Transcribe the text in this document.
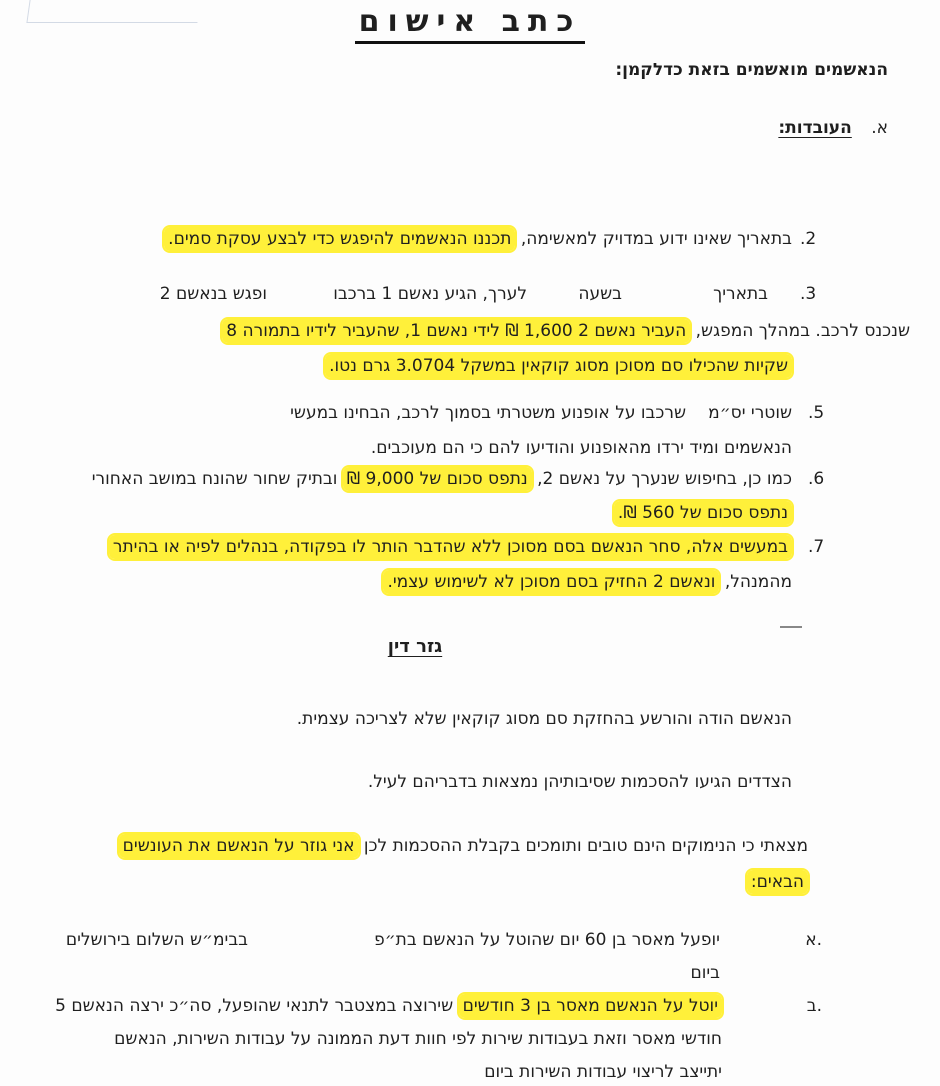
כתב אישום
הנאשמים מואשמים בזאת כדלקמן:
א. העובדות:
.2
בתאריך שאינו ידוע במדויק למאשימה, תכננו הנאשמים להיפגש כדי לבצע עסקת סמים.
.3
בתאריך
בשעה
לערך, הגיע נאשם 1 ברכבו
ופגש בנאשם 2
שנכנס לרכב. במהלך המפגש, העביר נאשם 2 1,600 ₪ לידי נאשם 1, שהעביר לידיו בתמורה 8
שקיות שהכילו סם מסוכן מסוג קוקאין במשקל 3.0704 גרם נטו.
.5
שוטרי יס״מ
שרכבו על אופנוע משטרתי בסמוך לרכב, הבחינו במעשי
הנאשמים ומיד ירדו מהאופנוע והודיעו להם כי הם מעוכבים.
.6
כמו כן, בחיפוש שנערך על נאשם 2, נתפס סכום של 9,000 ₪ ובתיק שחור שהונח במושב האחורי
נתפס סכום של 560 ₪.
.7
במעשים אלה, סחר הנאשם בסם מסוכן ללא שהדבר הותר לו בפקודה, בנהלים לפיה או בהיתר
מהמנהל, ונאשם 2 החזיק בסם מסוכן לא לשימוש עצמי.
גזר דין
הנאשם הודה והורשע בהחזקת סם מסוג קוקאין שלא לצריכה עצמית.
הצדדים הגיעו להסכמות שסיבותיהן נמצאות בדבריהם לעיל.
מצאתי כי הנימוקים הינם טובים ותומכים בקבלת ההסכמות לכן אני גוזר על הנאשם את העונשים
הבאים:
א.
יופעל מאסר בן 60 יום שהוטל על הנאשם בת״פ
בבימ״ש השלום בירושלים
ביום
ב.
יוטל על הנאשם מאסר בן 3 חודשים שירוצה במצטבר לתנאי שהופעל, סה״כ ירצה הנאשם 5
חודשי מאסר וזאת בעבודות שירות לפי חוות דעת הממונה על עבודות השירות, הנאשם
יתייצב לריצוי עבודות השירות ביום
